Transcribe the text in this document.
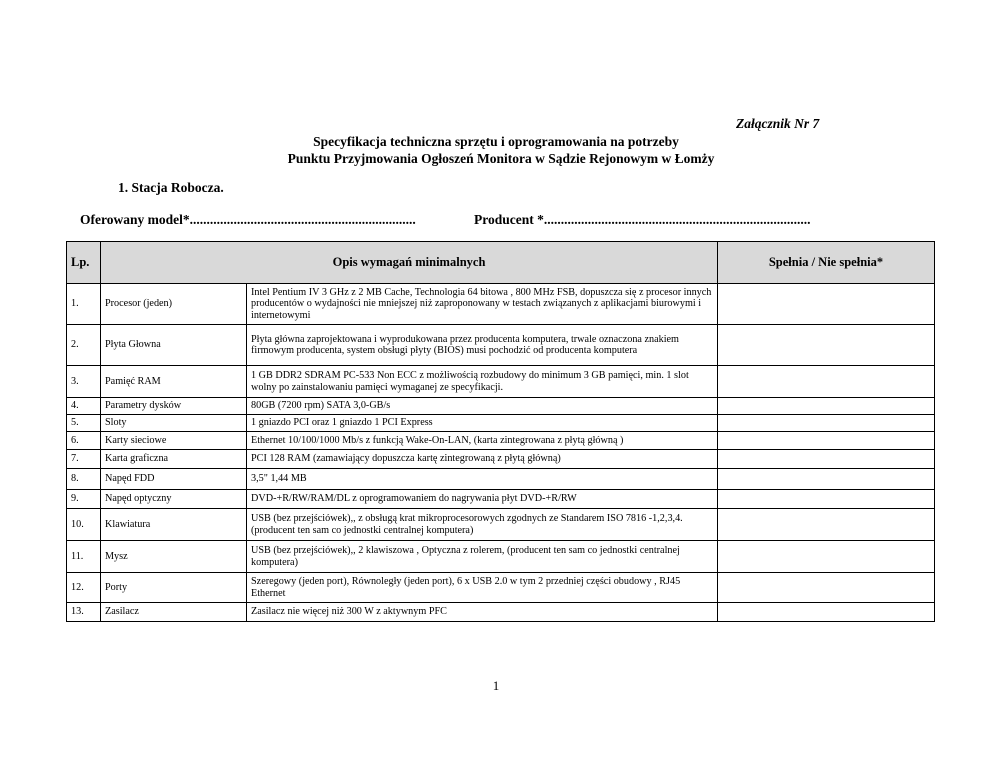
Załącznik Nr 7
Specyfikacja techniczna sprzętu i oprogramowania na potrzeby
Punktu Przyjmowania Ogłoszeń Monitora w Sądzie Rejonowym w Łomży
1. Stacja Robocza.
Oferowany model*...................................................................	Producent *...............................................................................
Lp.	Opis wymagań minimalnych		Spełnia / Nie spełnia*
1.	Procesor (jeden)	Intel Pentium IV 3 GHz z 2 MB Cache, Technologia 64 bitowa , 800 MHz FSB, dopuszcza się z procesor innych producentów o wydajności nie mniejszej niż zaproponowany w testach związanych z aplikacjami biurowymi i internetowymi	
2.	Płyta Głowna	Płyta główna zaprojektowana i wyprodukowana przez producenta komputera, trwale oznaczona znakiem firmowym producenta, system obsługi płyty (BIOS) musi pochodzić od producenta komputera	
3.	Pamięć RAM	1 GB DDR2 SDRAM PC-533 Non ECC z możliwością rozbudowy do minimum 3 GB pamięci, min. 1 slot wolny po zainstalowaniu pamięci wymaganej ze specyfikacji.	
4.	Parametry dysków	80GB (7200 rpm) SATA 3,0-GB/s	
5.	Sloty	1 gniazdo PCI oraz 1 gniazdo 1 PCI Express	
6.	Karty sieciowe	Ethernet 10/100/1000 Mb/s z funkcją Wake-On-LAN, (karta zintegrowana z płytą główną )	
7.	Karta graficzna	PCI 128 RAM (zamawiający dopuszcza kartę zintegrowaną z płytą główną)	
8.	Napęd FDD	3,5" 1,44 MB	
9.	Napęd optyczny	DVD-+R/RW/RAM/DL z oprogramowaniem do nagrywania płyt DVD-+R/RW	
10.	Klawiatura	USB (bez przejściówek),, z obsługą krat mikroprocesorowych zgodnych ze Standarem ISO 7816 -1,2,3,4. (producent ten sam co jednostki centralnej komputera)	
11.	Mysz	USB (bez przejściówek),, 2 klawiszowa , Optyczna z rolerem, (producent ten sam co jednostki centralnej komputera)	
12.	Porty	Szeregowy (jeden port), Równoległy (jeden port), 6 x USB 2.0 w tym 2 przedniej części obudowy , RJ45 Ethernet	
13.	Zasilacz	Zasilacz nie więcej niż 300 W z aktywnym PFC	
1
